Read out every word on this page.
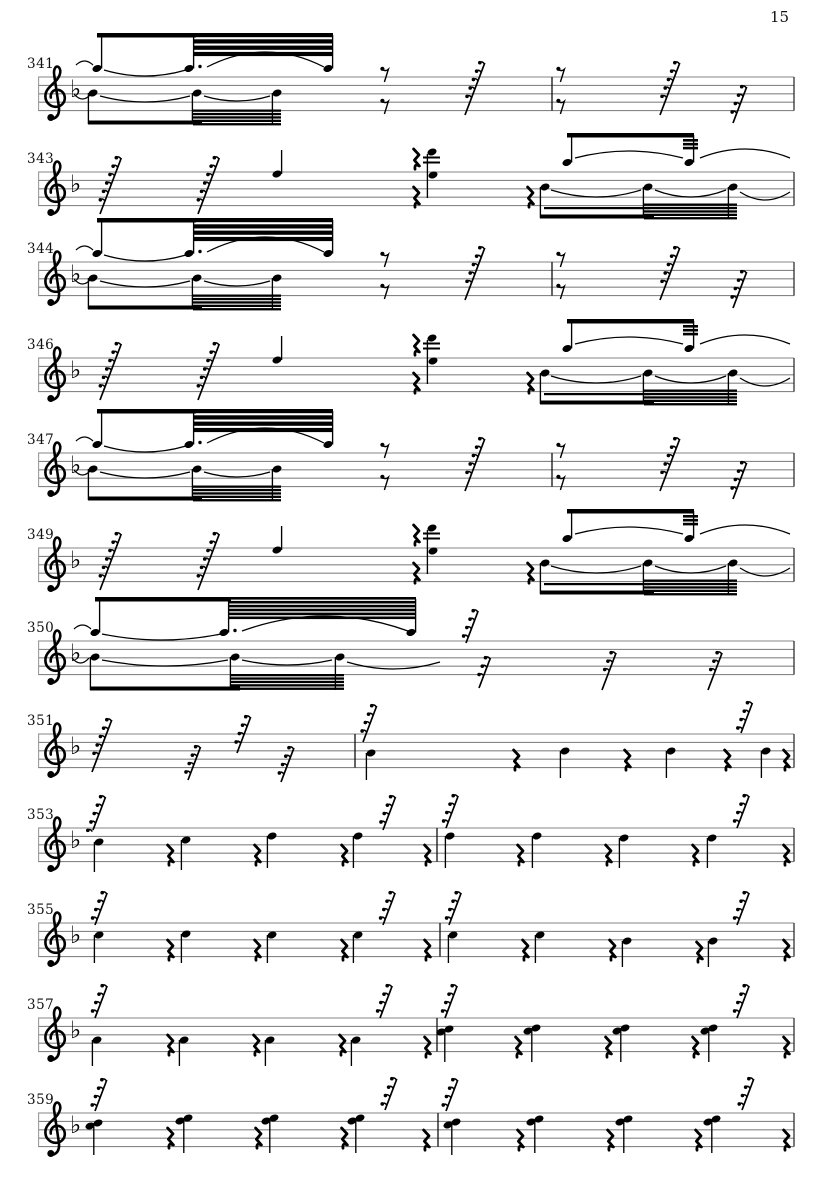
15
♭
♭
♭
♭
♭
♭
♭
♭
♭
♭
♭
♭
341
343
344
346
347
349
350
351
353
355
357
359
